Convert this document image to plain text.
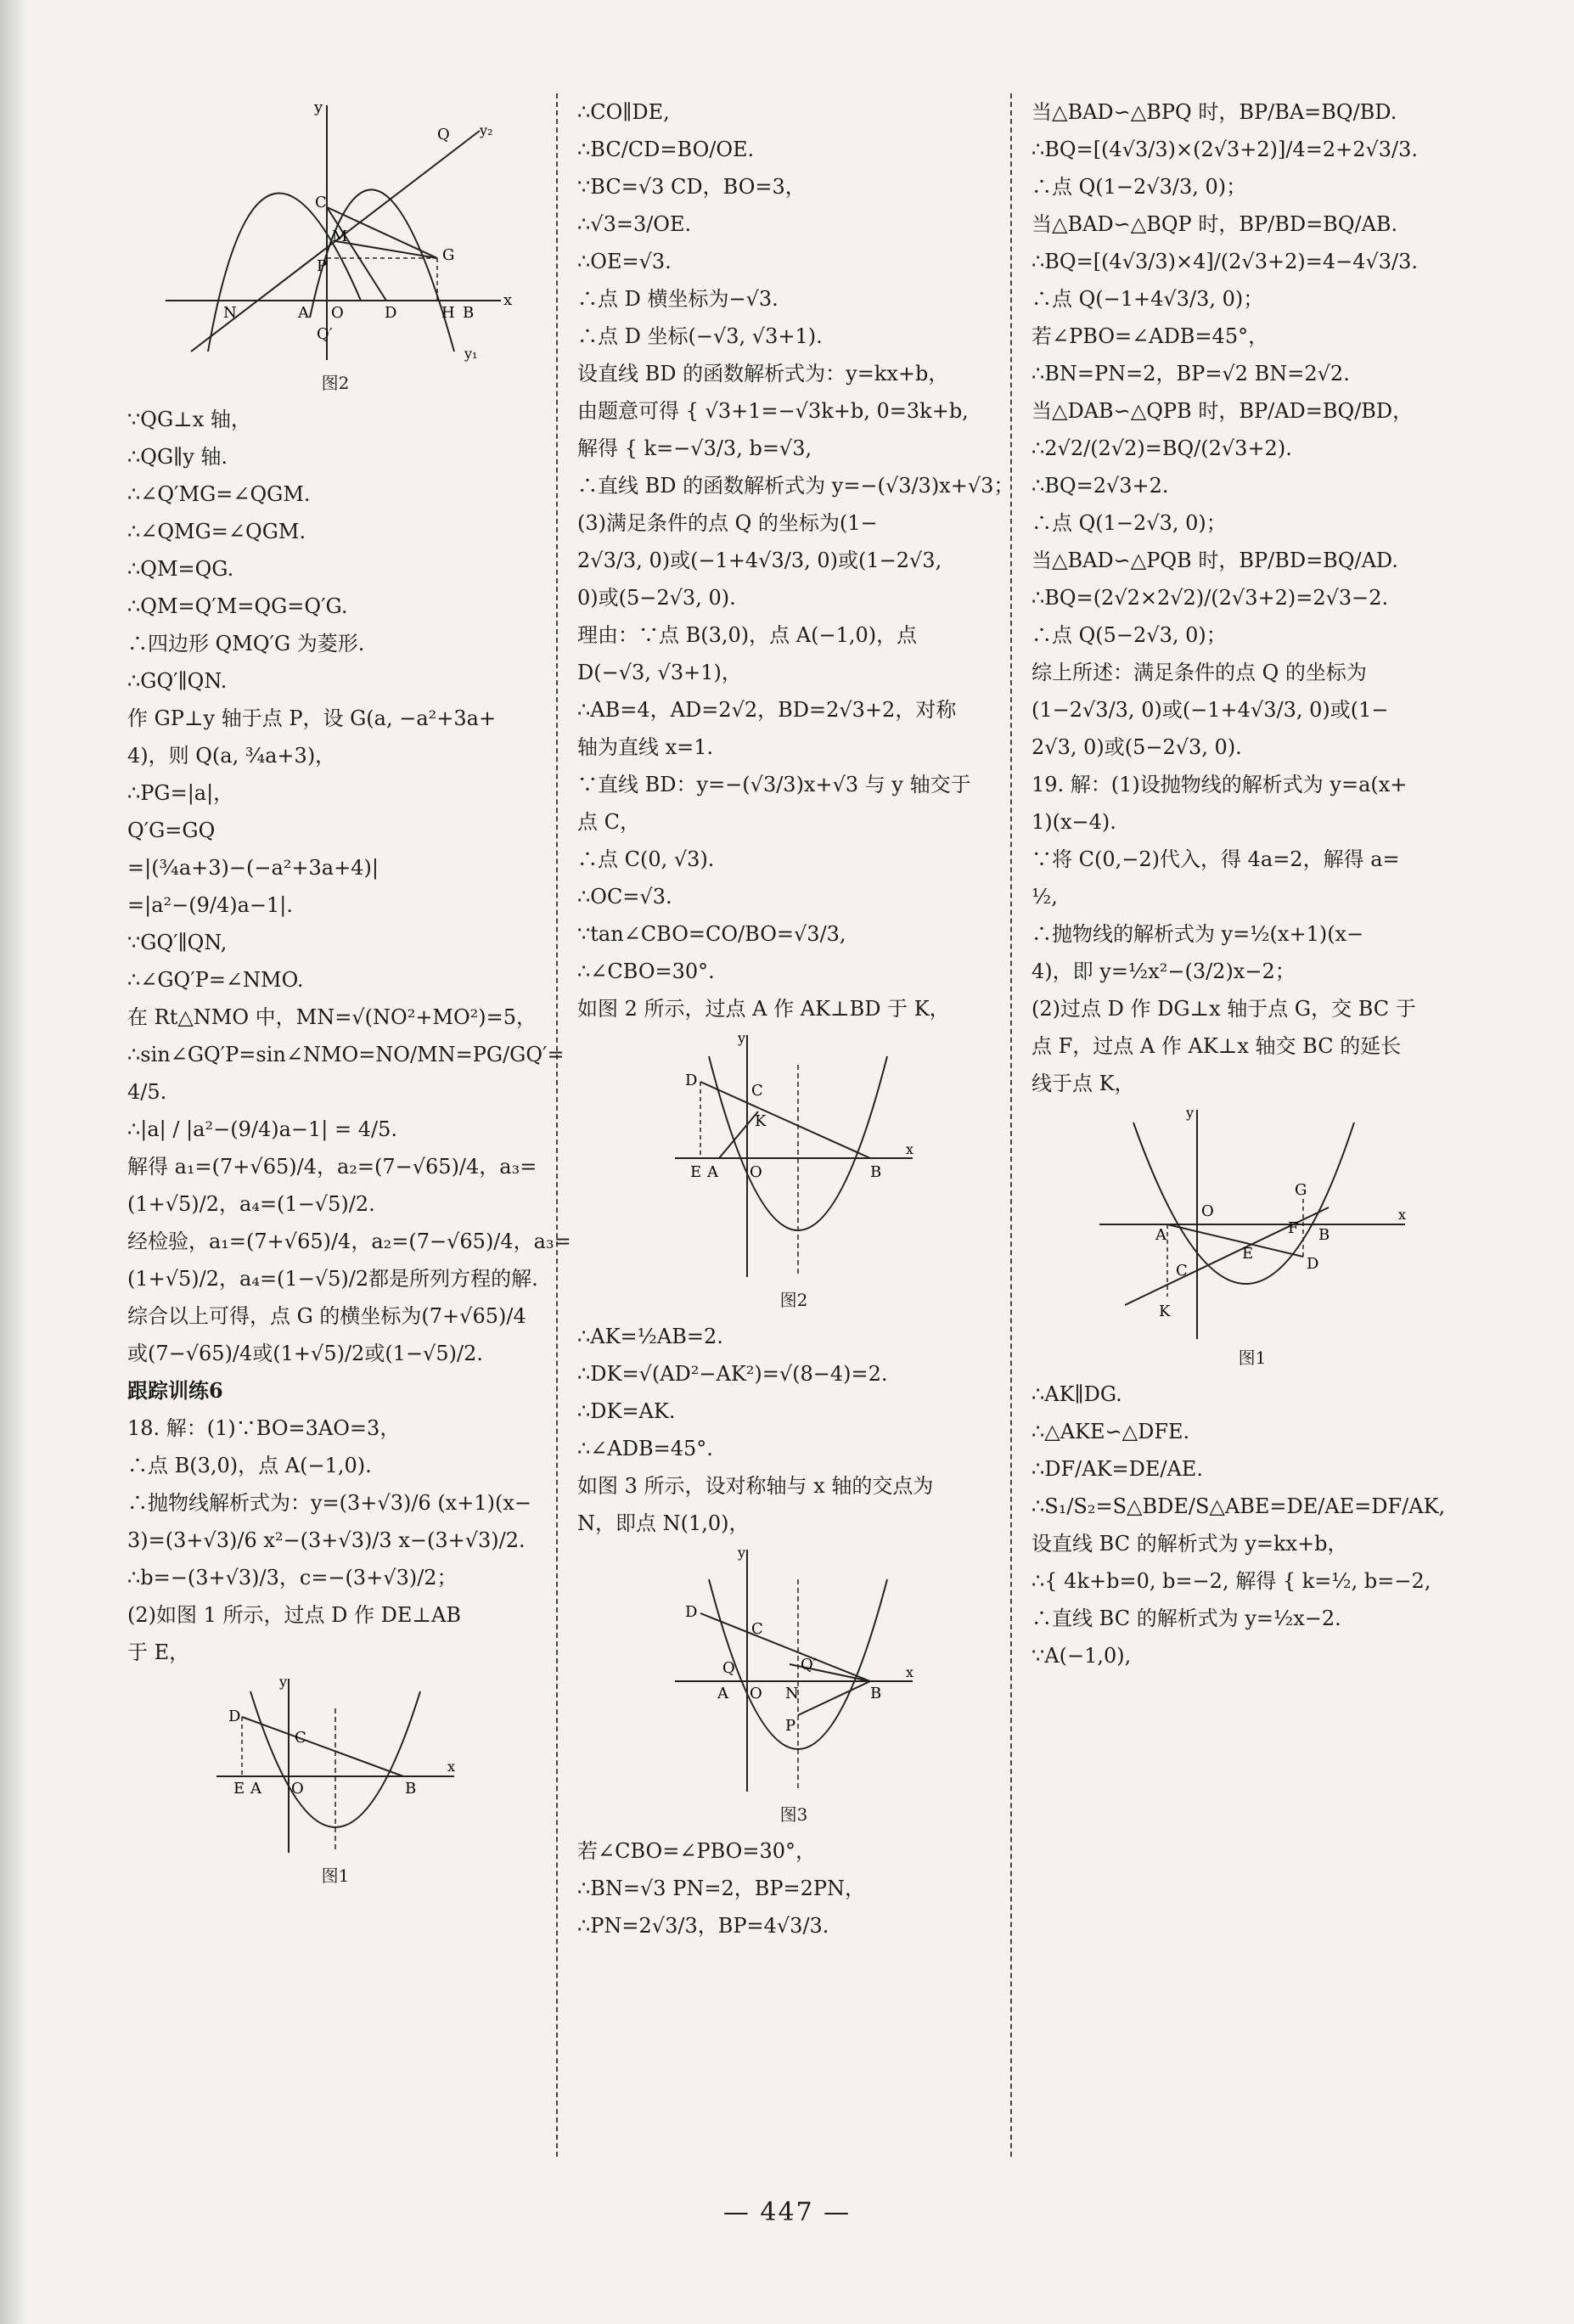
y
x
N	A O	D	H B
C
M
P
G
Q y₂
Q′
y₁
图2
∵QG⊥x 轴，
∴QG∥y 轴.
∴∠Q′MG=∠QGM.
∴∠QMG=∠QGM.
∴QM=QG.
∴QM=Q′M=QG=Q′G.
∴四边形 QMQ′G 为菱形.
∴GQ′∥QN.
作 GP⊥y 轴于点 P，设 G(a, −a²+3a+
4)，则 Q(a, ¾a+3)，
∴PG=|a|，
Q′G=GQ
=|(¾a+3)−(−a²+3a+4)|
=|a²−(9/4)a−1|.
∵GQ′∥QN,
∴∠GQ′P=∠NMO.
在 Rt△NMO 中，MN=√(NO²+MO²)=5，
∴sin∠GQ′P=sin∠NMO=NO/MN=PG/GQ′=
4/5.
∴|a| / |a²−(9/4)a−1| = 4/5.
解得 a₁=(7+√65)/4，a₂=(7−√65)/4，a₃=
(1+√5)/2，a₄=(1−√5)/2.
经检验，a₁=(7+√65)/4，a₂=(7−√65)/4，a₃=
(1+√5)/2，a₄=(1−√5)/2都是所列方程的解.
综合以上可得，点 G 的横坐标为(7+√65)/4
或(7−√65)/4或(1+√5)/2或(1−√5)/2.
跟踪训练6
18. 解：(1)∵BO=3AO=3，
∴点 B(3,0)，点 A(−1,0).
∴抛物线解析式为：y=(3+√3)/6 (x+1)(x−
3)=(3+√3)/6 x²−(3+√3)/3 x−(3+√3)/2.
∴b=−(3+√3)/3，c=−(3+√3)/2；
(2)如图 1 所示，过点 D 作 DE⊥AB
于 E，
D
C
E A O	B
y
x
图1
∴CO∥DE,
∴BC/CD=BO/OE.
∵BC=√3 CD，BO=3，
∴√3=3/OE.
∴OE=√3.
∴点 D 横坐标为−√3.
∴点 D 坐标(−√3, √3+1).
设直线 BD 的函数解析式为：y=kx+b，
由题意可得 { √3+1=−√3k+b, 0=3k+b,
解得 { k=−√3/3, b=√3,
∴直线 BD 的函数解析式为 y=−(√3/3)x+√3；
(3)满足条件的点 Q 的坐标为(1−
2√3/3, 0)或(−1+4√3/3, 0)或(1−2√3,
0)或(5−2√3, 0).
理由：∵点 B(3,0)，点 A(−1,0)，点
D(−√3, √3+1)，
∴AB=4，AD=2√2，BD=2√3+2，对称
轴为直线 x=1.
∵直线 BD：y=−(√3/3)x+√3 与 y 轴交于
点 C，
∴点 C(0, √3).
∴OC=√3.
∵tan∠CBO=CO/BO=√3/3,
∴∠CBO=30°.
如图 2 所示，过点 A 作 AK⊥BD 于 K，
D
C
K
E A O	B
y
x
图2
∴AK=½AB=2.
∴DK=√(AD²−AK²)=√(8−4)=2.
∴DK=AK.
∴∠ADB=45°.
如图 3 所示，设对称轴与 x 轴的交点为
N，即点 N(1,0)，
D
C
Q	Q′
A O N
P
B
y
x
图3
若∠CBO=∠PBO=30°，
∴BN=√3 PN=2，BP=2PN，
∴PN=2√3/3，BP=4√3/3.
当△BAD∽△BPQ 时，BP/BA=BQ/BD.
∴BQ=[(4√3/3)×(2√3+2)]/4=2+2√3/3.
∴点 Q(1−2√3/3, 0)；
当△BAD∽△BQP 时，BP/BD=BQ/AB.
∴BQ=[(4√3/3)×4]/(2√3+2)=4−4√3/3.
∴点 Q(−1+4√3/3, 0)；
若∠PBO=∠ADB=45°，
∴BN=PN=2，BP=√2 BN=2√2.
当△DAB∽△QPB 时，BP/AD=BQ/BD，
∴2√2/(2√2)=BQ/(2√3+2).
∴BQ=2√3+2.
∴点 Q(1−2√3, 0)；
当△BAD∽△PQB 时，BP/BD=BQ/AD.
∴BQ=(2√2×2√2)/(2√3+2)=2√3−2.
∴点 Q(5−2√3, 0)；
综上所述：满足条件的点 Q 的坐标为
(1−2√3/3, 0)或(−1+4√3/3, 0)或(1−
2√3, 0)或(5−2√3, 0).
19. 解：(1)设抛物线的解析式为 y=a(x+
1)(x−4).
∵将 C(0,−2)代入，得 4a=2，解得 a=
½,
∴抛物线的解析式为 y=½(x+1)(x−
4)，即 y=½x²−(3/2)x−2；
(2)过点 D 作 DG⊥x 轴于点 G，交 BC 于
点 F，过点 A 作 AK⊥x 轴交 BC 的延长
线于点 K，
y
x
A
O
G
F B
E
D
C
K
图1
∴AK∥DG.
∴△AKE∽△DFE.
∴DF/AK=DE/AE.
∴S₁/S₂=S△BDE/S△ABE=DE/AE=DF/AK,
设直线 BC 的解析式为 y=kx+b，
∴{ 4k+b=0, b=−2, 解得 { k=½, b=−2,
∴直线 BC 的解析式为 y=½x−2.
∵A(−1,0),
— 447 —
